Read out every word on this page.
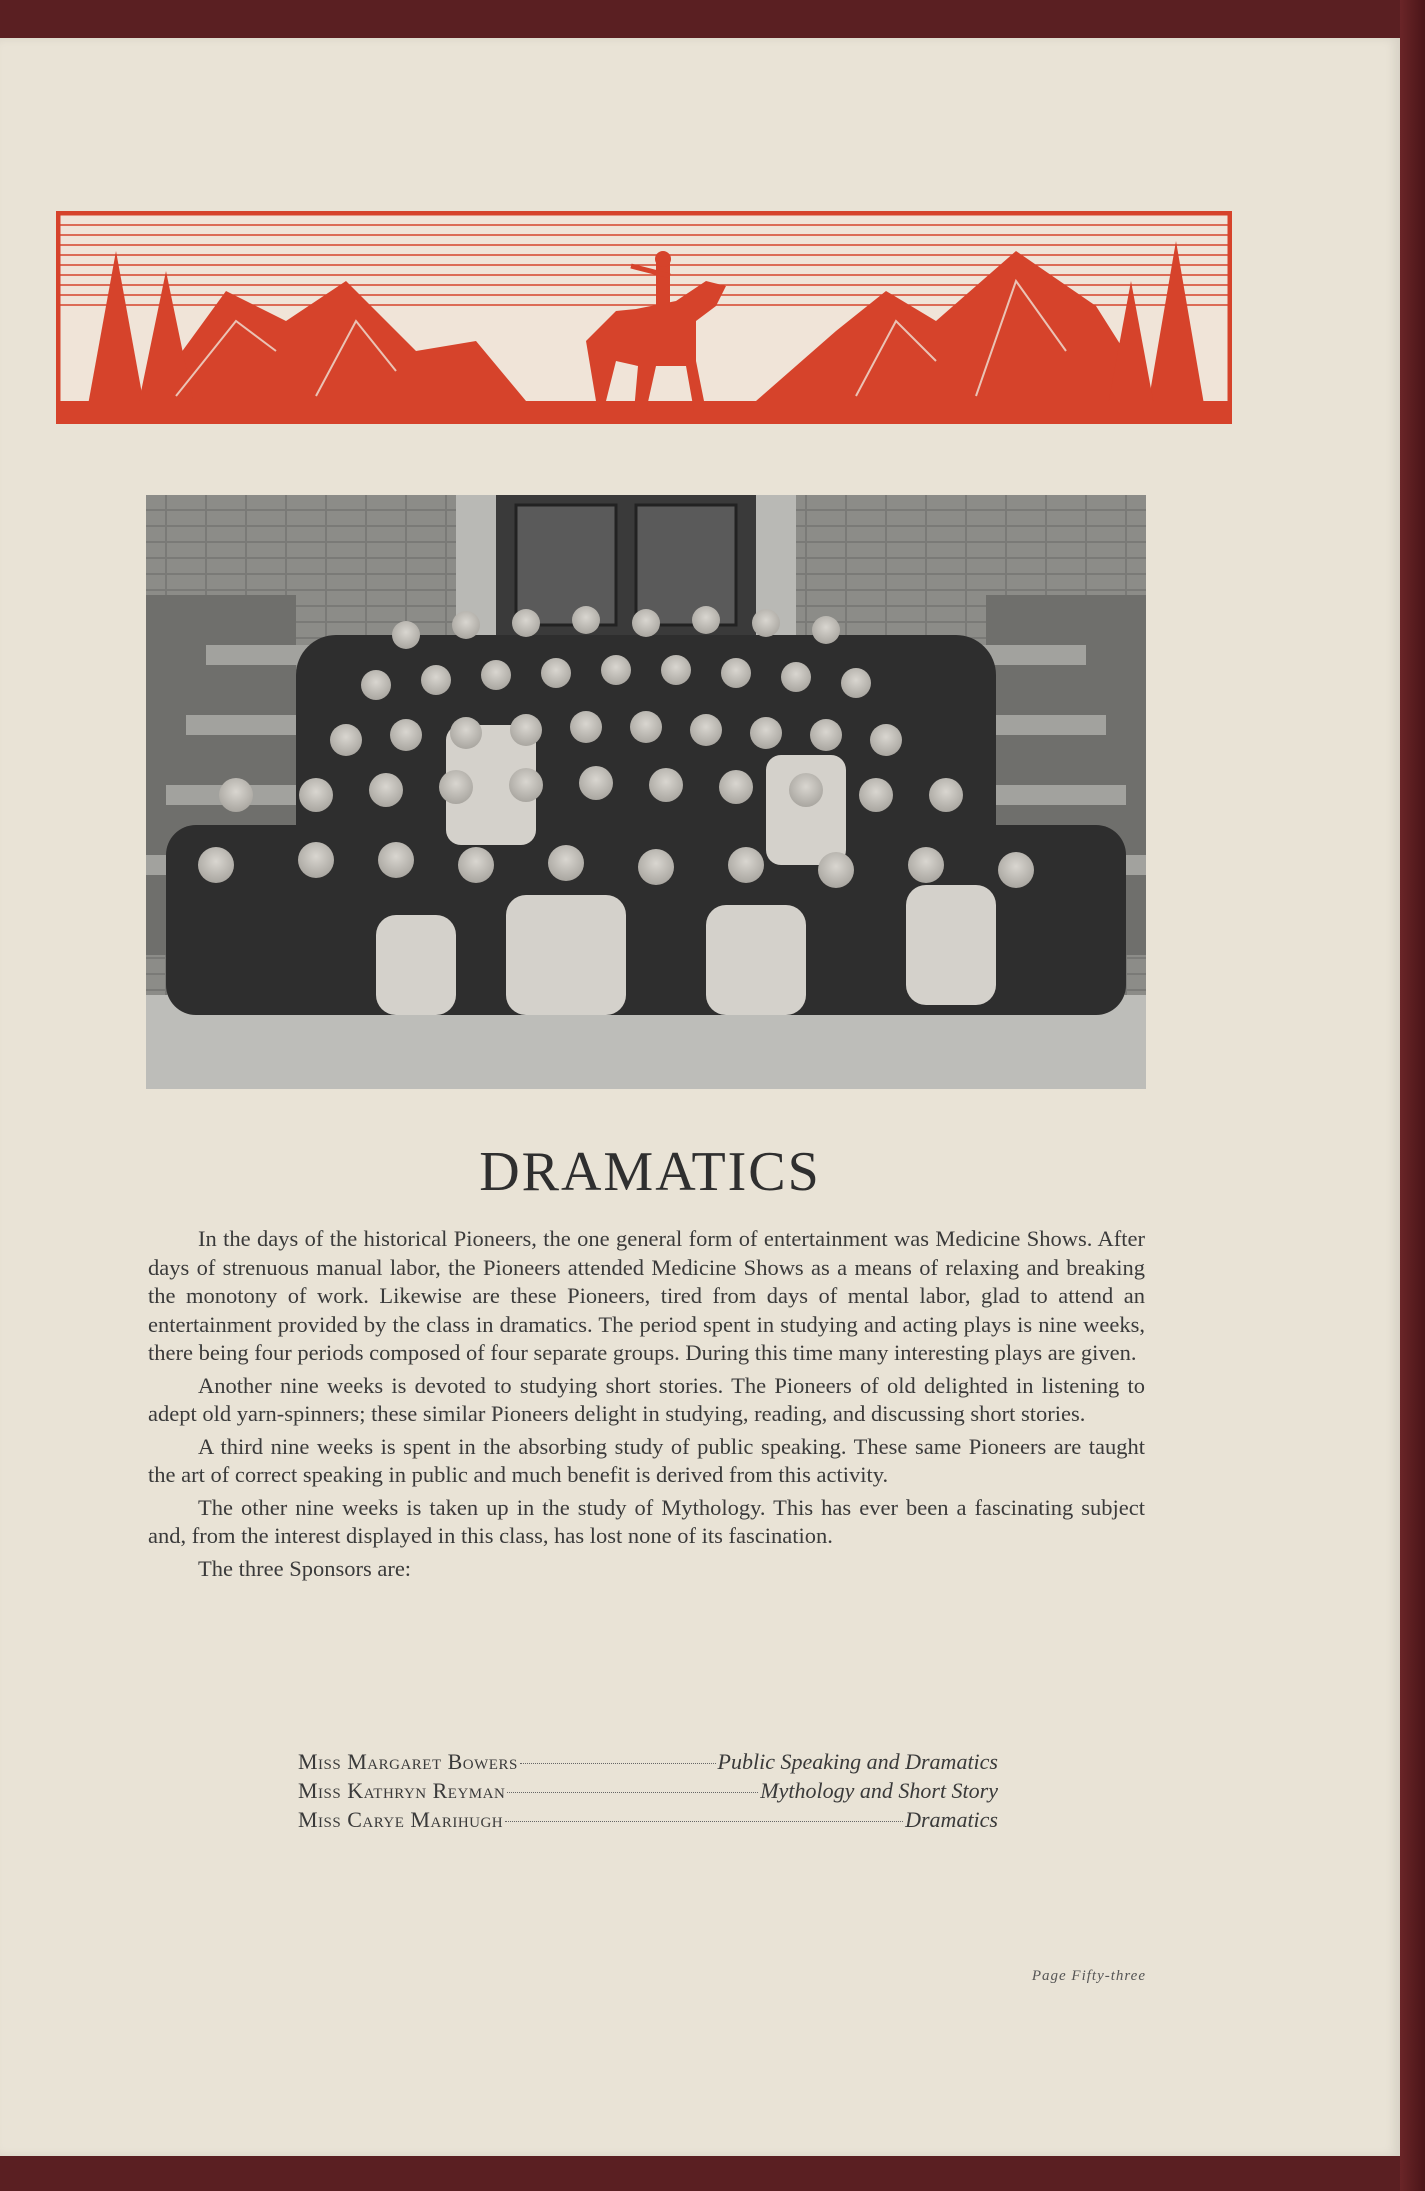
DRAMATICS

In the days of the historical Pioneers, the one general form of entertainment was Medicine Shows. After days of strenuous manual labor, the Pioneers attended Medicine Shows as a means of relaxing and breaking the monotony of work. Likewise are these Pioneers, tired from days of mental labor, glad to attend an entertainment provided by the class in dramatics. The period spent in studying and acting plays is nine weeks, there being four periods composed of four separate groups. During this time many interesting plays are given.

Another nine weeks is devoted to studying short stories. The Pioneers of old delighted in listening to adept old yarn-spinners; these similar Pioneers delight in studying, reading, and discussing short stories.

A third nine weeks is spent in the absorbing study of public speaking. These same Pioneers are taught the art of correct speaking in public and much benefit is derived from this activity.

The other nine weeks is taken up in the study of Mythology. This has ever been a fascinating subject and, from the interest displayed in this class, has lost none of its fascination.

The three Sponsors are:

Miss Margaret Bowers	Public Speaking and Dramatics
Miss Kathryn Reyman	Mythology and Short Story
Miss Carye Marihugh	Dramatics
Page Fifty-three
